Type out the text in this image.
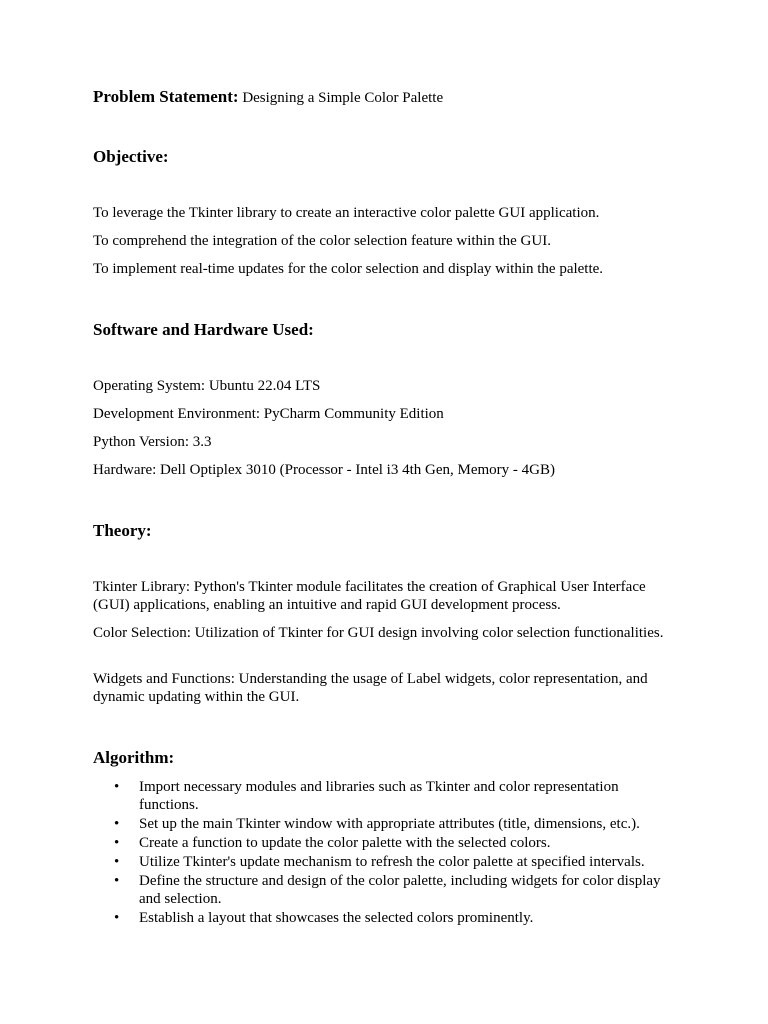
Problem Statement: Designing a Simple Color Palette
Objective:
To leverage the Tkinter library to create an interactive color palette GUI application.
To comprehend the integration of the color selection feature within the GUI.
To implement real-time updates for the color selection and display within the palette.
Software and Hardware Used:
Operating System: Ubuntu 22.04 LTS
Development Environment: PyCharm Community Edition
Python Version: 3.3
Hardware: Dell Optiplex 3010 (Processor - Intel i3 4th Gen, Memory - 4GB)
Theory:
Tkinter Library: Python's Tkinter module facilitates the creation of Graphical User Interface (GUI) applications, enabling an intuitive and rapid GUI development process.
Color Selection: Utilization of Tkinter for GUI design involving color selection functionalities.
Widgets and Functions: Understanding the usage of Label widgets, color representation, and dynamic updating within the GUI.
Algorithm:
• Import necessary modules and libraries such as Tkinter and color representation functions.
• Set up the main Tkinter window with appropriate attributes (title, dimensions, etc.).
• Create a function to update the color palette with the selected colors.
• Utilize Tkinter's update mechanism to refresh the color palette at specified intervals.
• Define the structure and design of the color palette, including widgets for color display and selection.
• Establish a layout that showcases the selected colors prominently.
